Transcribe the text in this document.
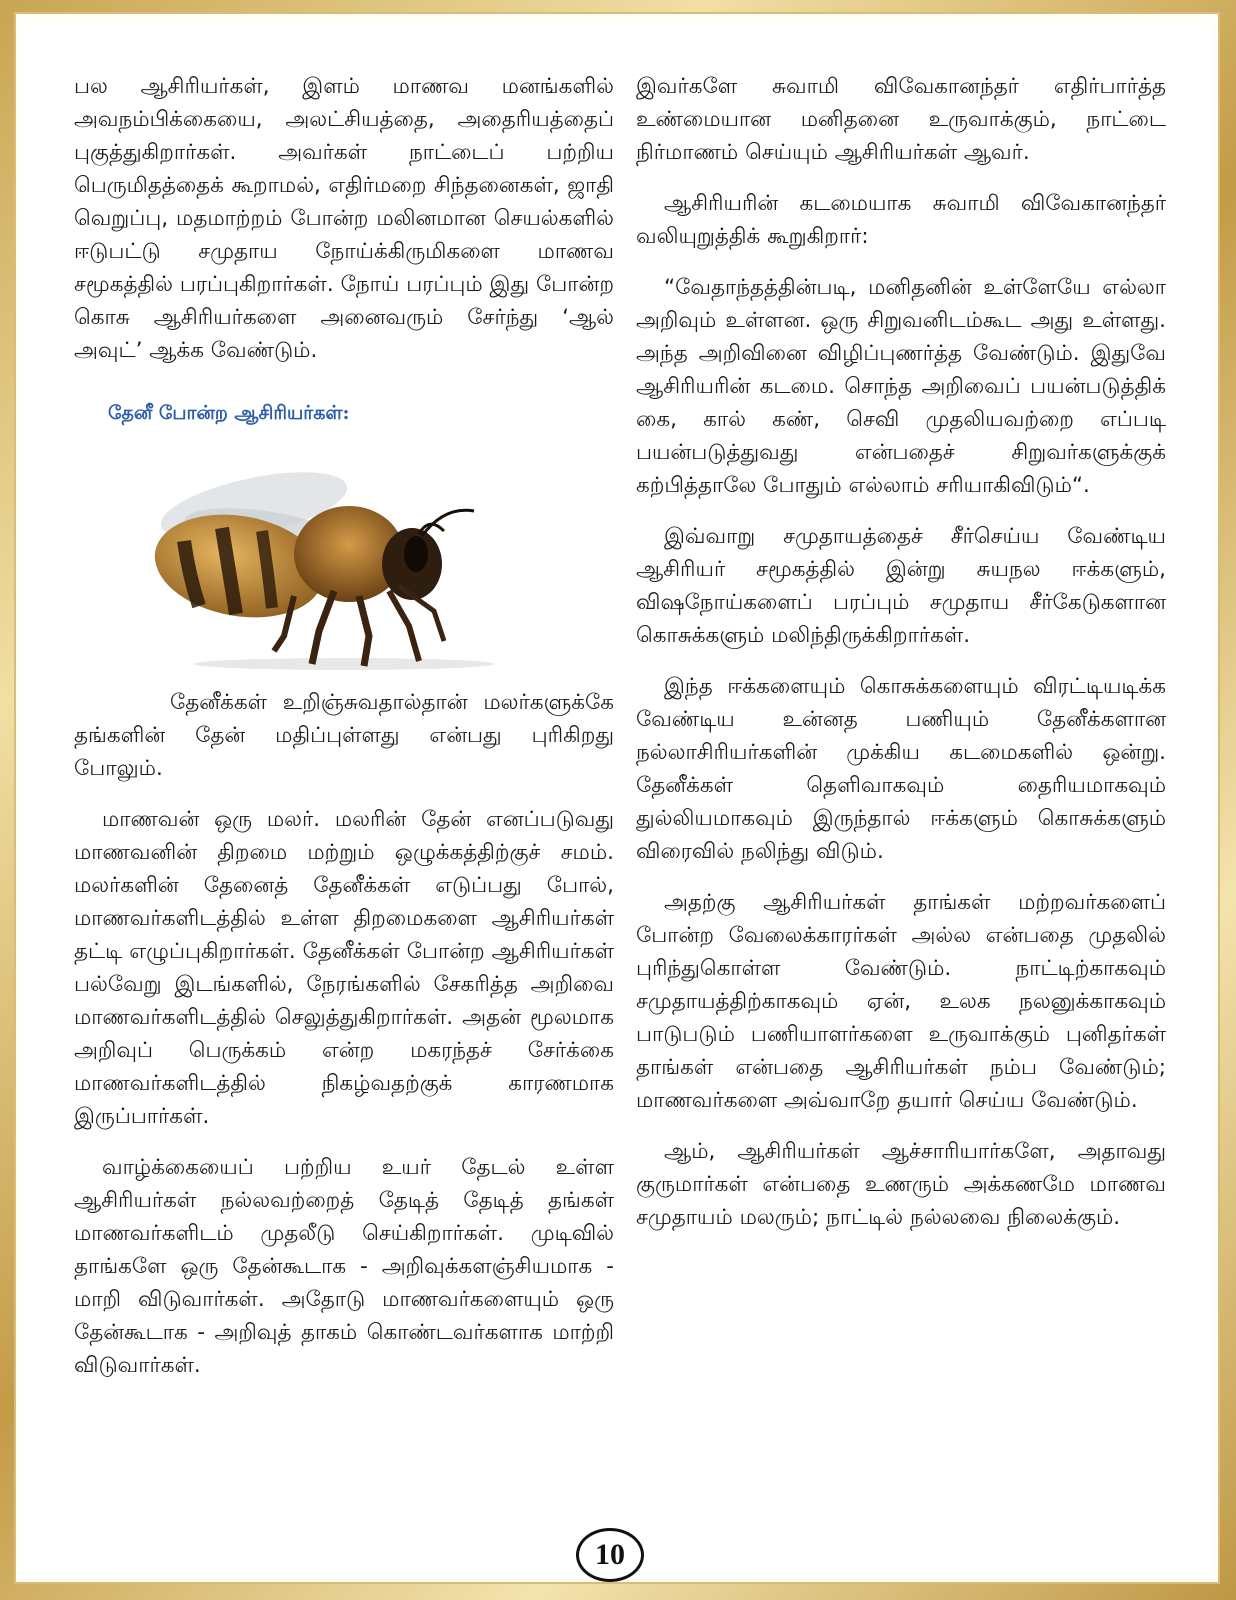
பல ஆசிரியர்கள், இளம் மாணவ மனங்களில் அவநம்பிக்கையை, அலட்சியத்தை, அதைரியத்தைப் புகுத்துகிறார்கள். அவர்கள் நாட்டைப் பற்றிய பெருமிதத்தைக் கூறாமல், எதிர்மறை சிந்தனைகள், ஜாதி வெறுப்பு, மதமாற்றம் போன்ற மலினமான செயல்களில் ஈடுபட்டு சமுதாய நோய்க்கிருமிகளை மாணவ சமூகத்தில் பரப்புகிறார்கள். நோய் பரப்பும் இது போன்ற கொசு ஆசிரியர்களை அனைவரும் சேர்ந்து ‘ஆல் அவுட்’ ஆக்க வேண்டும்.

தேனீ போன்ற ஆசிரியர்கள்:

தேனீக்கள் உறிஞ்சுவதால்தான் மலர்களுக்கே தங்களின் தேன் மதிப்புள்ளது என்பது புரிகிறது போலும்.

மாணவன் ஒரு மலர். மலரின் தேன் எனப்படுவது மாணவனின் திறமை மற்றும் ஒழுக்கத்திற்குச் சமம். மலர்களின் தேனைத் தேனீக்கள் எடுப்பது போல், மாணவர்களிடத்தில் உள்ள திறமைகளை ஆசிரியர்கள் தட்டி எழுப்புகிறார்கள். தேனீக்கள் போன்ற ஆசிரியர்கள் பல்வேறு இடங்களில், நேரங்களில் சேகரித்த அறிவை மாணவர்களிடத்தில் செலுத்துகிறார்கள். அதன் மூலமாக அறிவுப் பெருக்கம் என்ற மகரந்தச் சேர்க்கை மாணவர்களிடத்தில் நிகழ்வதற்குக் காரணமாக இருப்பார்கள்.

வாழ்க்கையைப் பற்றிய உயர் தேடல் உள்ள ஆசிரியர்கள் நல்லவற்றைத் தேடித் தேடித் தங்கள் மாணவர்களிடம் முதலீடு செய்கிறார்கள். முடிவில் தாங்களே ஒரு தேன்கூடாக - அறிவுக்களஞ்சியமாக - மாறி விடுவார்கள். அதோடு மாணவர்களையும் ஒரு தேன்கூடாக - அறிவுத் தாகம் கொண்டவர்களாக மாற்றி விடுவார்கள்.

இவர்களே சுவாமி விவேகானந்தர் எதிர்பார்த்த உண்மையான மனிதனை உருவாக்கும், நாட்டை நிர்மாணம் செய்யும் ஆசிரியர்கள் ஆவர்.

ஆசிரியரின் கடமையாக சுவாமி விவேகானந்தர் வலியுறுத்திக் கூறுகிறார்:

“வேதாந்தத்தின்படி, மனிதனின் உள்ளேயே எல்லா அறிவும் உள்ளன. ஒரு சிறுவனிடம்கூட அது உள்ளது. அந்த அறிவினை விழிப்புணர்த்த வேண்டும். இதுவே ஆசிரியரின் கடமை. சொந்த அறிவைப் பயன்படுத்திக் கை, கால் கண், செவி முதலியவற்றை எப்படி பயன்படுத்துவது என்பதைச் சிறுவர்களுக்குக் கற்பித்தாலே போதும் எல்லாம் சரியாகிவிடும்“.

இவ்வாறு சமுதாயத்தைச் சீர்செய்ய வேண்டிய ஆசிரியர் சமூகத்தில் இன்று சுயநல ஈக்களும், விஷநோய்களைப் பரப்பும் சமுதாய சீர்கேடுகளான கொசுக்களும் மலிந்திருக்கிறார்கள்.

இந்த ஈக்களையும் கொசுக்களையும் விரட்டியடிக்க வேண்டிய உன்னத பணியும் தேனீக்களான நல்லாசிரியர்களின் முக்கிய கடமைகளில் ஒன்று. தேனீக்கள் தெளிவாகவும் தைரியமாகவும் துல்லியமாகவும் இருந்தால் ஈக்களும் கொசுக்களும் விரைவில் நலிந்து விடும்.

அதற்கு ஆசிரியர்கள் தாங்கள் மற்றவர்களைப் போன்ற வேலைக்காரர்கள் அல்ல என்பதை முதலில் புரிந்துகொள்ள வேண்டும். நாட்டிற்காகவும் சமுதாயத்திற்காகவும் ஏன், உலக நலனுக்காகவும் பாடுபடும் பணியாளர்களை உருவாக்கும் புனிதர்கள் தாங்கள் என்பதை ஆசிரியர்கள் நம்ப வேண்டும்; மாணவர்களை அவ்வாறே தயார் செய்ய வேண்டும்.

ஆம், ஆசிரியர்கள் ஆச்சாரியார்களே, அதாவது குருமார்கள் என்பதை உணரும் அக்கணமே மாணவ சமுதாயம் மலரும்; நாட்டில் நல்லவை நிலைக்கும்.

10
